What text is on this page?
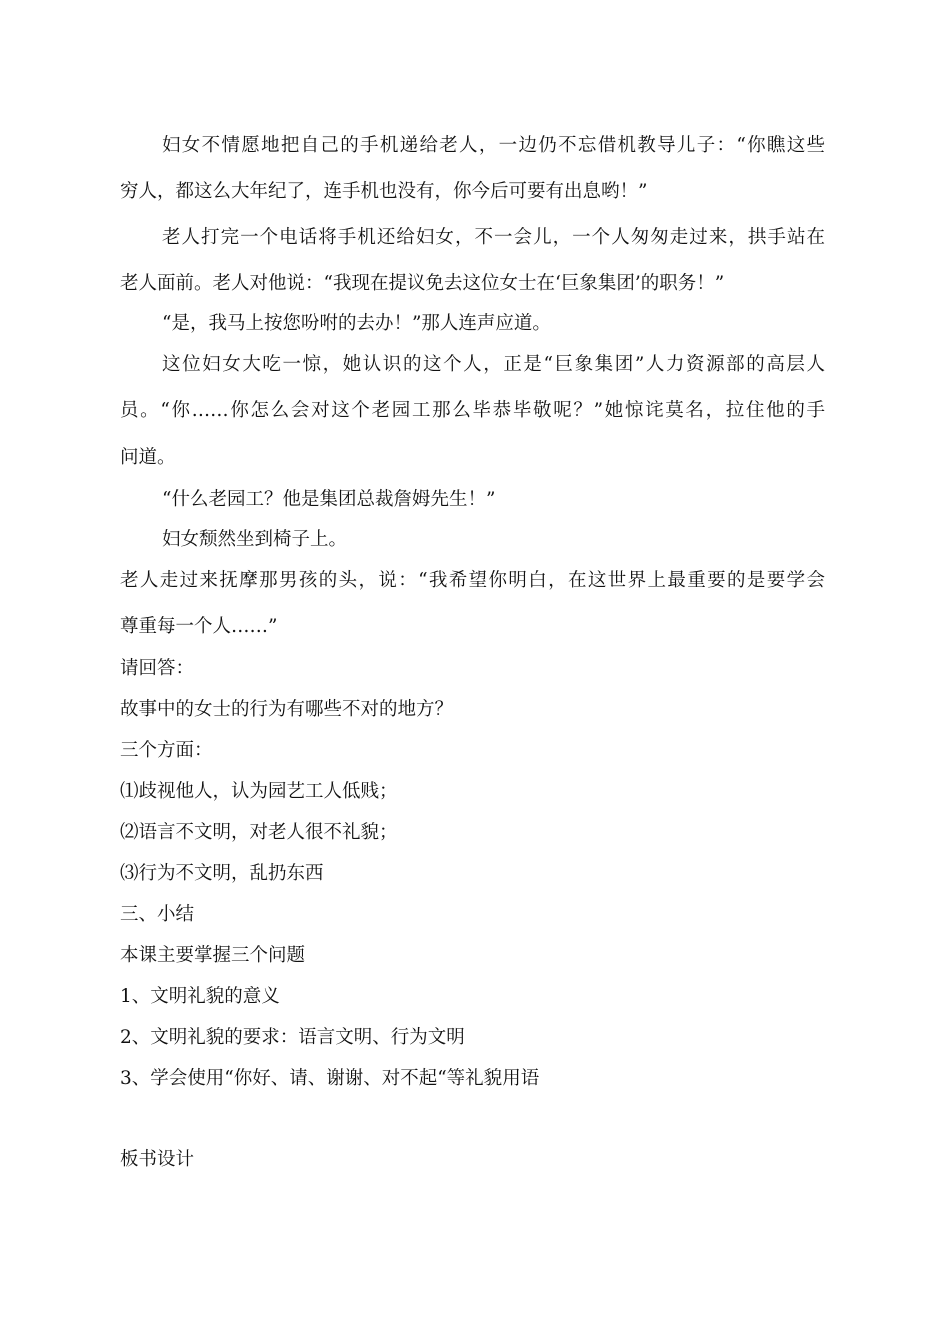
妇女不情愿地把自己的手机递给老人，一边仍不忘借机教导儿子：“你瞧这些
穷人，都这么大年纪了，连手机也没有，你今后可要有出息哟！”
老人打完一个电话将手机还给妇女，不一会儿，一个人匆匆走过来，拱手站在
老人面前。老人对他说：“我现在提议免去这位女士在‘巨象集团’的职务！”
“是，我马上按您吩咐的去办！”那人连声应道。
这位妇女大吃一惊，她认识的这个人，正是“巨象集团”人力资源部的高层人
员。“你……你怎么会对这个老园工那么毕恭毕敬呢？”她惊诧莫名，拉住他的手
问道。
“什么老园工？他是集团总裁詹姆先生！”
妇女颓然坐到椅子上。
老人走过来抚摩那男孩的头，说：“我希望你明白，在这世界上最重要的是要学会
尊重每一个人……”
请回答：
故事中的女士的行为有哪些不对的地方？
三个方面：
⑴歧视他人，认为园艺工人低贱；
⑵语言不文明，对老人很不礼貌；
⑶行为不文明，乱扔东西
三、小结
本课主要掌握三个问题
1、文明礼貌的意义
2、文明礼貌的要求：语言文明、行为文明
3、学会使用“你好、请、谢谢、对不起“等礼貌用语
板书设计
